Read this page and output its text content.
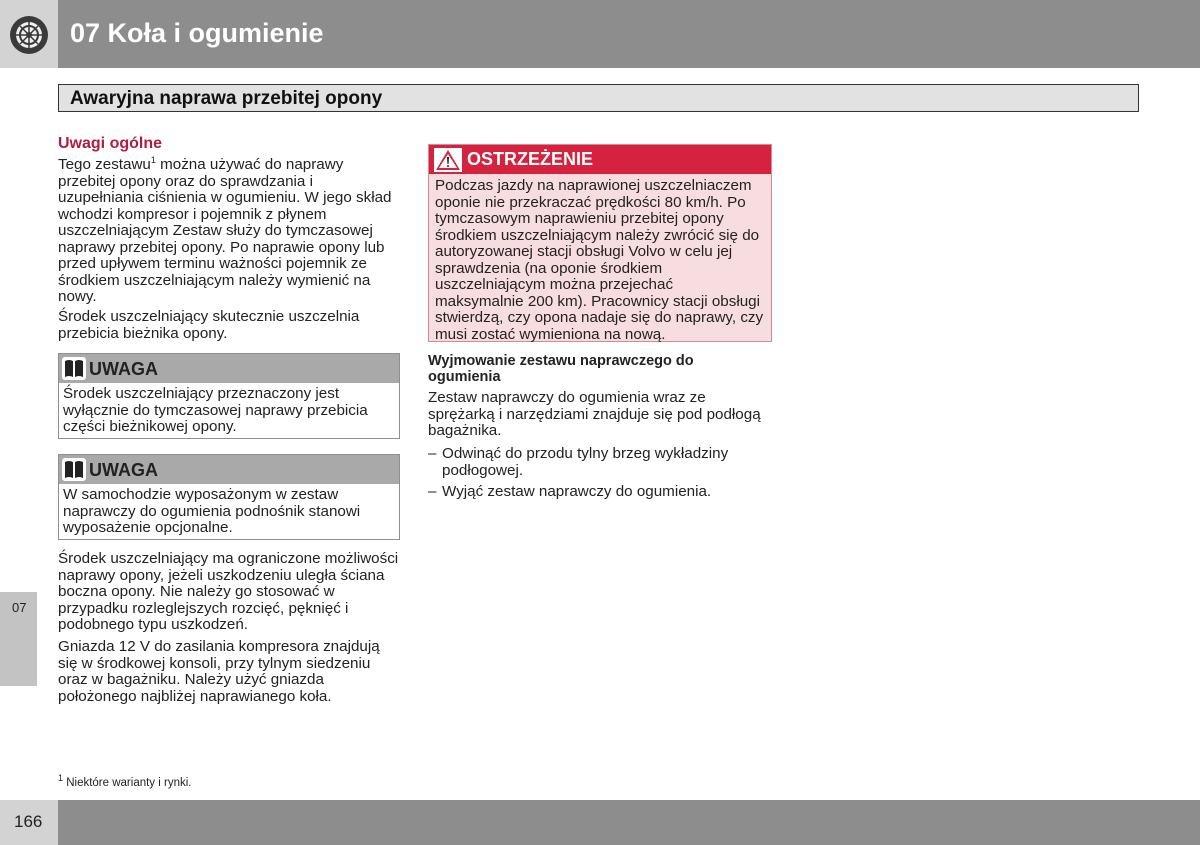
07 Koła i ogumienie
07
Awaryjna naprawa przebitej opony
Uwagi ogólne

Tego zestawu$^1$ można używać do naprawy przebitej opony oraz do sprawdzania i uzupełniania ciśnienia w ogumieniu. W jego skład wchodzi kompresor i pojemnik z płynem uszczelniającym Zestaw służy do tymczasowej naprawy przebitej opony. Po naprawie opony lub przed upływem terminu ważności pojemnik ze środkiem uszczelniającym należy wymienić na nowy.

Środek uszczelniający skutecznie uszczelnia przebicia bieżnika opony.

UWAGA
Środek uszczelniający przeznaczony jest wyłącznie do tymczasowej naprawy przebicia części bieżnikowej opony.
UWAGA
W samochodzie wyposażonym w zestaw naprawczy do ogumienia podnośnik stanowi wyposażenie opcjonalne.

Środek uszczelniający ma ograniczone możliwości naprawy opony, jeżeli uszkodzeniu uległa ściana boczna opony. Nie należy go stosować w przypadku rozleglejszych rozcięć, pęknięć i podobnego typu uszkodzeń.

Gniazda 12 V do zasilania kompresora znajdują się w środkowej konsoli, przy tylnym siedzeniu oraz w bagażniku. Należy użyć gniazda położonego najbliżej naprawianego koła.

OSTRZEŻENIE
Podczas jazdy na naprawionej uszczelniaczem oponie nie przekraczać prędkości 80 km/h. Po tymczasowym naprawieniu przebitej opony środkiem uszczelniającym należy zwrócić się do autoryzowanej stacji obsługi Volvo w celu jej sprawdzenia (na oponie środkiem uszczelniającym można przejechać maksymalnie 200 km). Pracownicy stacji obsługi stwierdzą, czy opona nadaje się do naprawy, czy musi zostać wymieniona na nową.
Wyjmowanie zestawu naprawczego do ogumienia

Zestaw naprawczy do ogumienia wraz ze sprężarką i narzędziami znajduje się pod podłogą bagażnika.

– Odwinąć do przodu tylny brzeg wykładziny podłogowej.
– Wyjąć zestaw naprawczy do ogumienia.
$^1$ Niektóre warianty i rynki.
166
